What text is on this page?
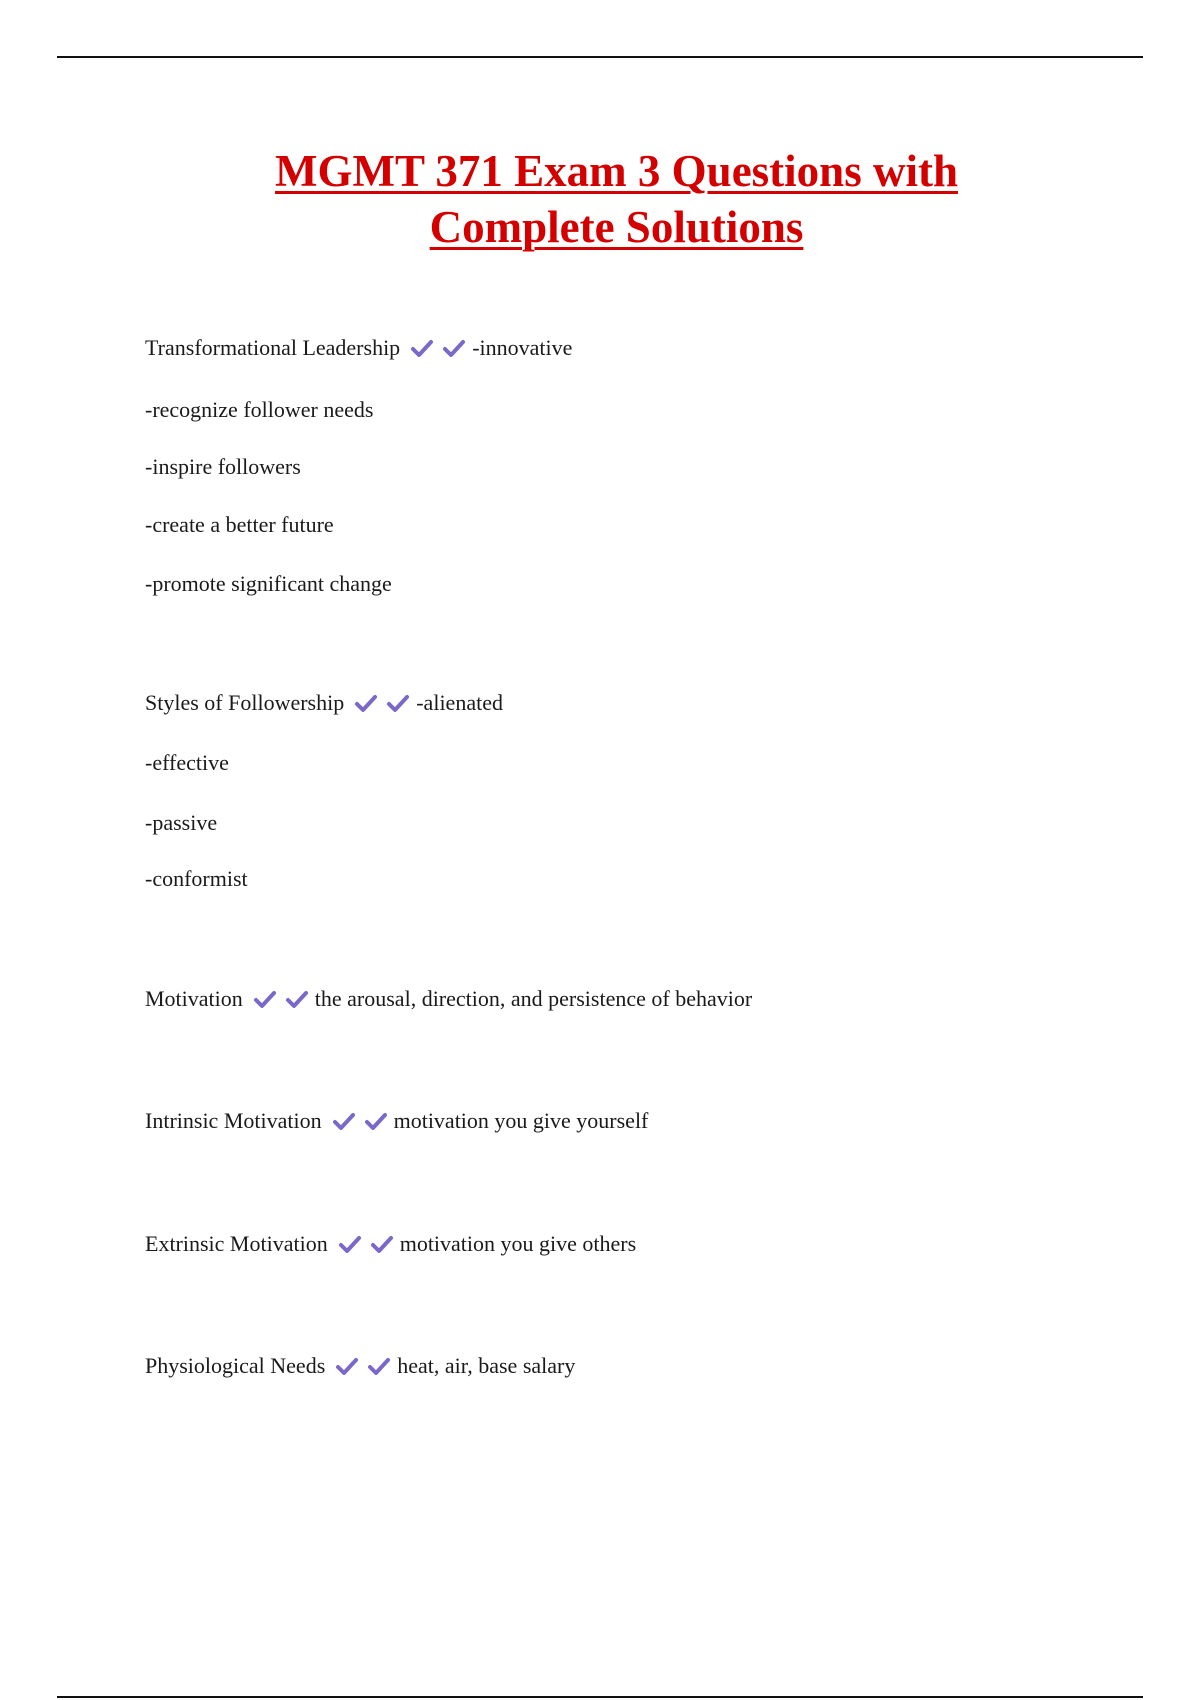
MGMT 371 Exam 3 Questions with
Complete Solutions
Transformational Leadership	-innovative
-recognize follower needs
-inspire followers
-create a better future
-promote significant change
Styles of Followership	-alienated
-effective
-passive
-conformist
Motivation	the arousal, direction, and persistence of behavior
Intrinsic Motivation	motivation you give yourself
Extrinsic Motivation	motivation you give others
Physiological Needs	heat, air, base salary
